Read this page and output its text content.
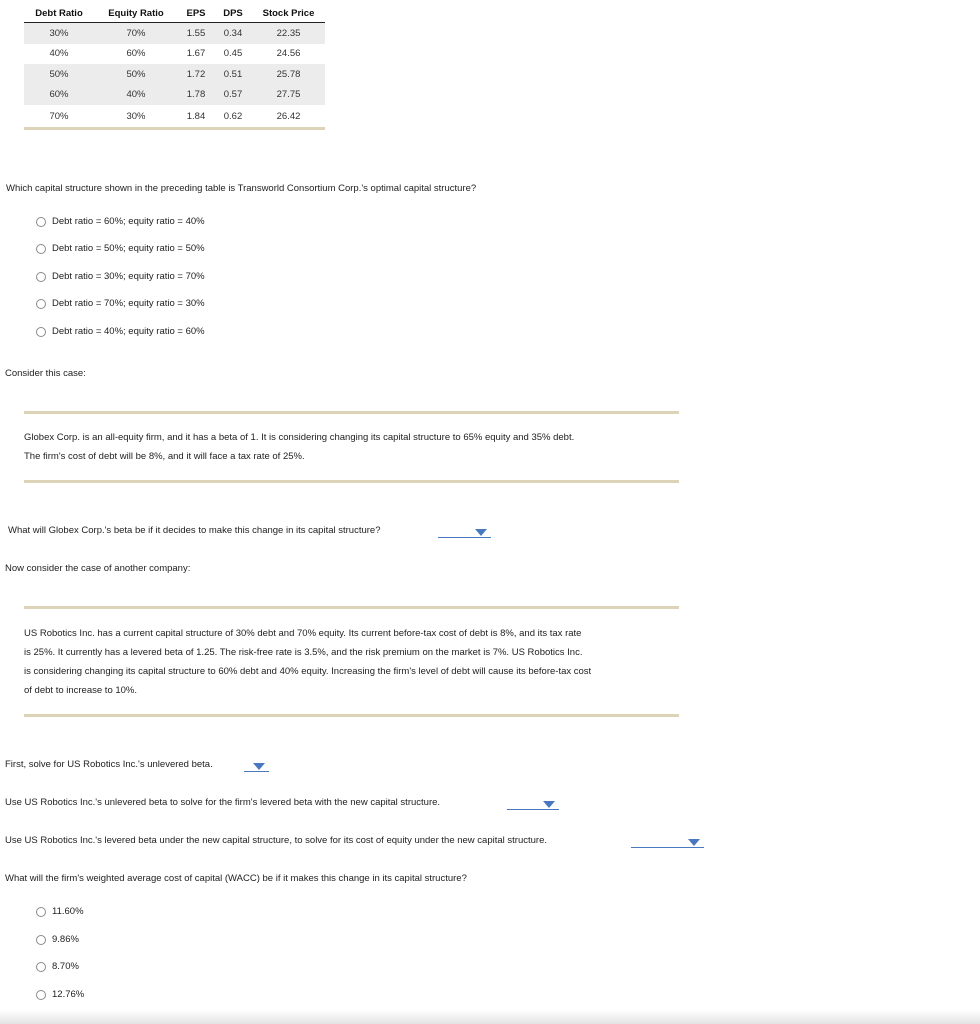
Debt Ratio	Equity Ratio	EPS	DPS	Stock Price
30%	70%	1.55	0.34	22.35
40%	60%	1.67	0.45	24.56
50%	50%	1.72	0.51	25.78
60%	40%	1.78	0.57	27.75
70%	30%	1.84	0.62	26.42
Which capital structure shown in the preceding table is Transworld Consortium Corp.'s optimal capital structure?
Debt ratio = 60%; equity ratio = 40%
Debt ratio = 50%; equity ratio = 50%
Debt ratio = 30%; equity ratio = 70%
Debt ratio = 70%; equity ratio = 30%
Debt ratio = 40%; equity ratio = 60%
Consider this case:
Globex Corp. is an all-equity firm, and it has a beta of 1. It is considering changing its capital structure to 65% equity and 35% debt.
The firm's cost of debt will be 8%, and it will face a tax rate of 25%.
What will Globex Corp.'s beta be if it decides to make this change in its capital structure?
Now consider the case of another company:
US Robotics Inc. has a current capital structure of 30% debt and 70% equity. Its current before-tax cost of debt is 8%, and its tax rate
is 25%. It currently has a levered beta of 1.25. The risk-free rate is 3.5%, and the risk premium on the market is 7%. US Robotics Inc.
is considering changing its capital structure to 60% debt and 40% equity. Increasing the firm's level of debt will cause its before-tax cost
of debt to increase to 10%.
First, solve for US Robotics Inc.'s unlevered beta.
Use US Robotics Inc.'s unlevered beta to solve for the firm's levered beta with the new capital structure.
Use US Robotics Inc.'s levered beta under the new capital structure, to solve for its cost of equity under the new capital structure.
What will the firm's weighted average cost of capital (WACC) be if it makes this change in its capital structure?
11.60%
9.86%
8.70%
12.76%
